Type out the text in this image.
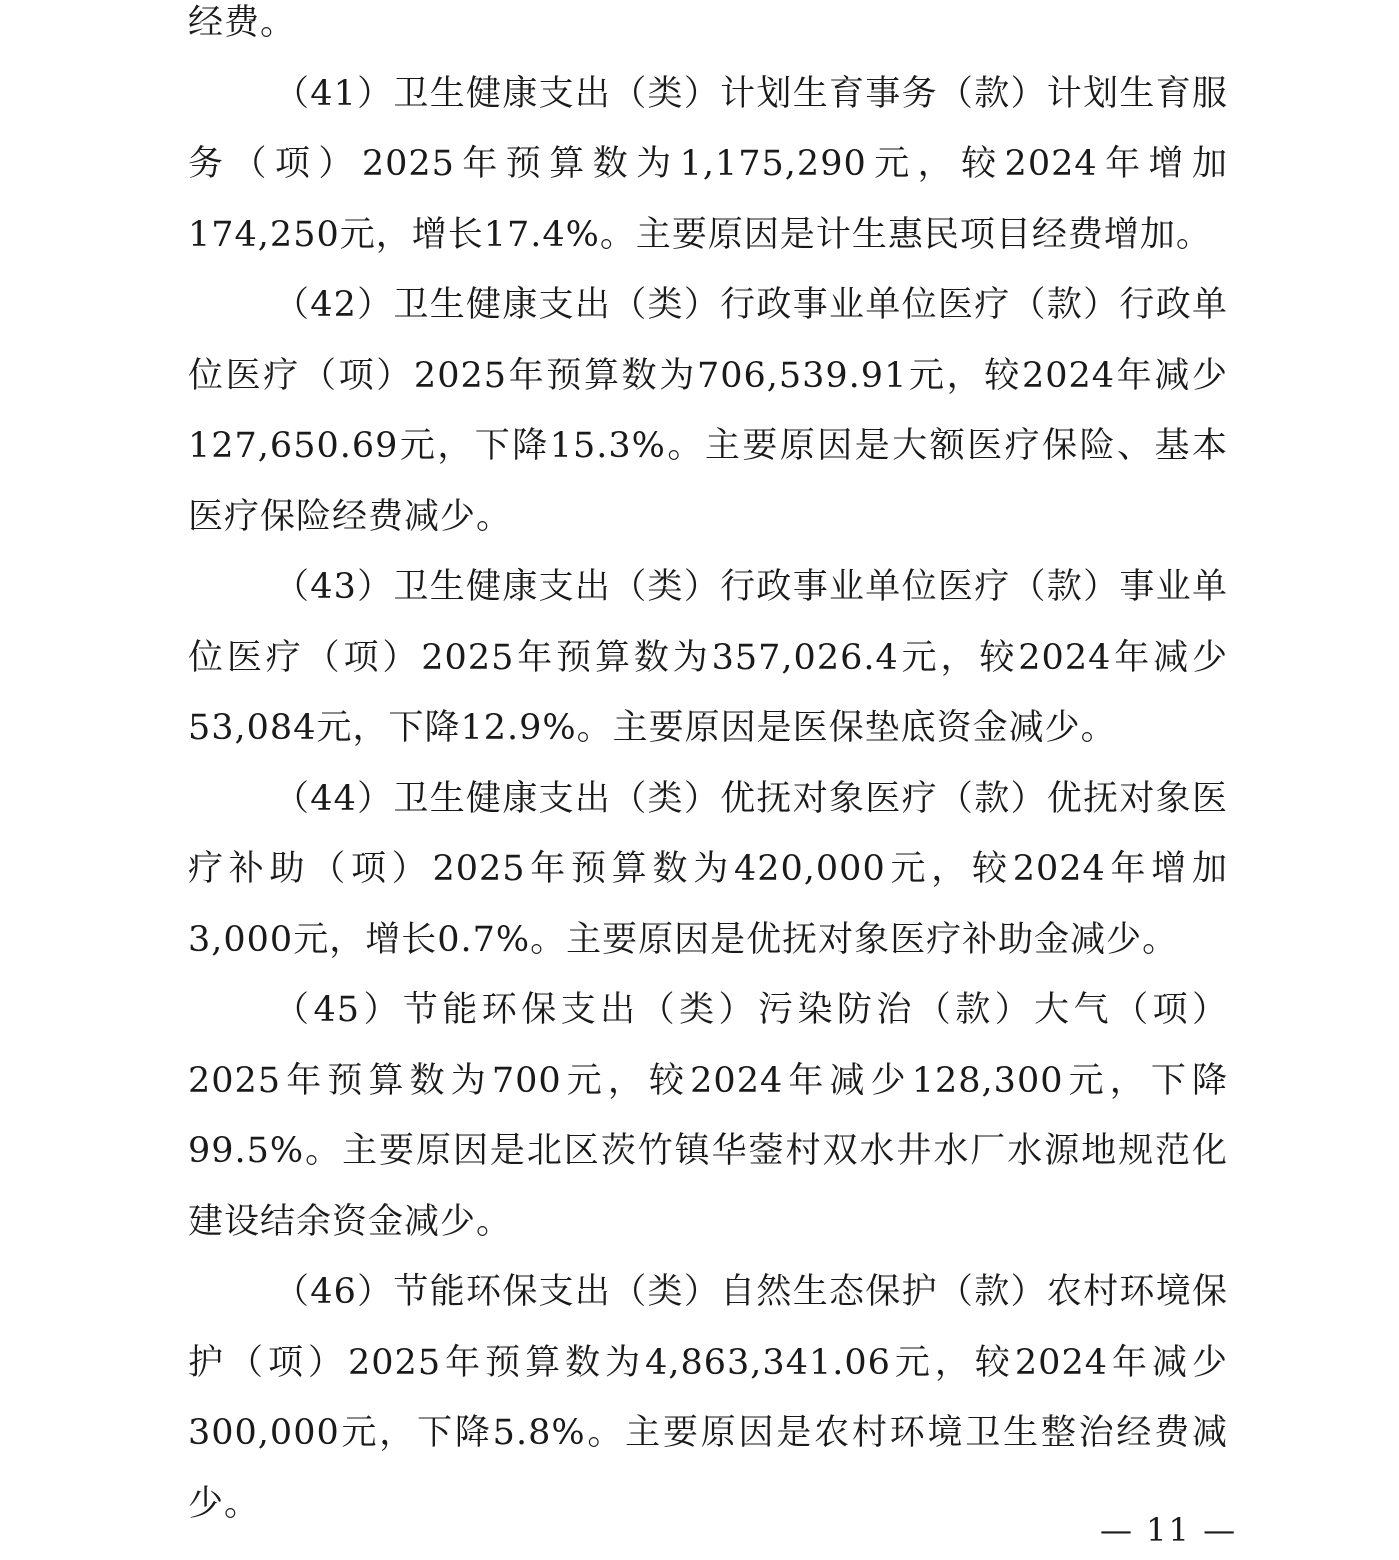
经费。

（41）卫生健康支出（类）计划生育事务（款）计划生育服务（项）2025年预算数为1,175,290元，较2024年增加174,250元，增长17.4%。主要原因是计生惠民项目经费增加。

（42）卫生健康支出（类）行政事业单位医疗（款）行政单位医疗（项）2025年预算数为706,539.91元，较2024年减少127,650.69元，下降15.3%。主要原因是大额医疗保险、基本医疗保险经费减少。

（43）卫生健康支出（类）行政事业单位医疗（款）事业单位医疗（项）2025年预算数为357,026.4元，较2024年减少53,084元，下降12.9%。主要原因是医保垫底资金减少。

（44）卫生健康支出（类）优抚对象医疗（款）优抚对象医疗补助（项）2025年预算数为420,000元，较2024年增加3,000元，增长0.7%。主要原因是优抚对象医疗补助金减少。

（45）节能环保支出（类）污染防治（款）大气（项）2025年预算数为700元，较2024年减少128,300元，下降99.5%。主要原因是北区茨竹镇华蓥村双水井水厂水源地规范化建设结余资金减少。

（46）节能环保支出（类）自然生态保护（款）农村环境保护（项）2025年预算数为4,863,341.06元，较2024年减少300,000元，下降5.8%。主要原因是农村环境卫生整治经费减少。

— 11 —
